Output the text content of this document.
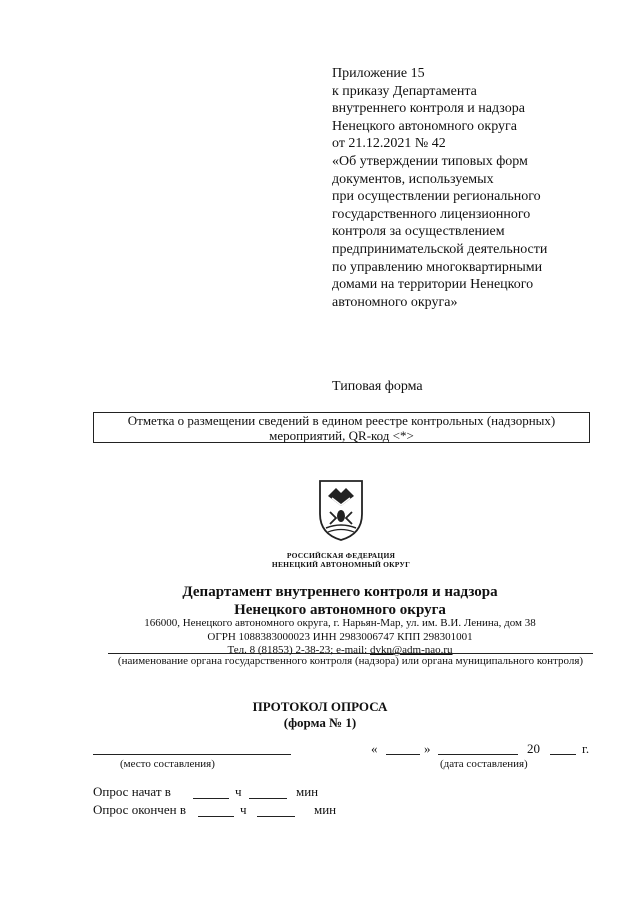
Приложение 15
к приказу Департамента
внутреннего контроля и надзора
Ненецкого автономного округа
от 21.12.2021 № 42
«Об утверждении типовых форм
документов, используемых
при осуществлении регионального
государственного лицензионного
контроля за осуществлением
предпринимательской деятельности
по управлению многоквартирными
домами на территории Ненецкого
автономного округа»
Типовая форма
Отметка о размещении сведений в едином реестре контрольных (надзорных)
мероприятий, QR-код <*>
РОССИЙСКАЯ ФЕДЕРАЦИЯ
НЕНЕЦКИЙ АВТОНОМНЫЙ ОКРУГ
Департамент внутреннего контроля и надзора
Ненецкого автономного округа
166000, Ненецкого автономного округа, г. Нарьян-Мар, ул. им. В.И. Ленина, дом 38
ОГРН 1088383000023 ИНН 2983006747 КПП 298301001
Тел. 8 (81853) 2-38-23; e-mail: dvkn@adm-nao.ru
(наименование органа государственного контроля (надзора) или органа муниципального контроля)
ПРОТОКОЛ ОПРОСА
(форма № 1)
(место составления)
«	»	20	г.
(дата составления)
Опрос начат в	ч	мин
Опрос окончен в	ч	мин
